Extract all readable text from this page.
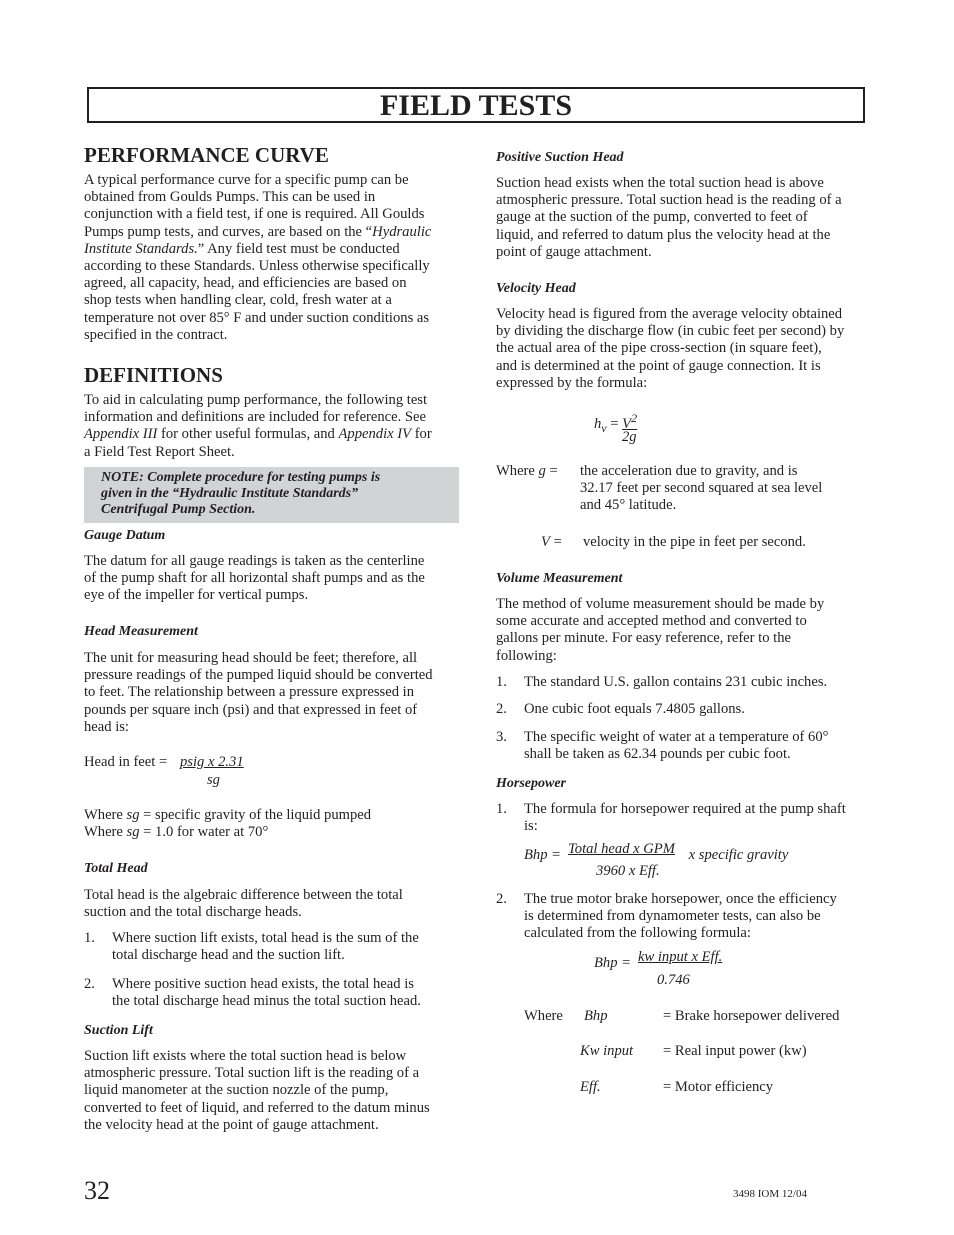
FIELD TESTS
PERFORMANCE CURVE
A typical performance curve for a specific pump can be
obtained from Goulds Pumps. This can be used in
conjunction with a field test, if one is required. All Goulds
Pumps pump tests, and curves, are based on the “Hydraulic
Institute Standards.” Any field test must be conducted
according to these Standards. Unless otherwise specifically
agreed, all capacity, head, and efficiencies are based on
shop tests when handling clear, cold, fresh water at a
temperature not over 85° F and under suction conditions as
specified in the contract.
DEFINITIONS
To aid in calculating pump performance, the following test
information and definitions are included for reference. See
Appendix III for other useful formulas, and Appendix IV for
a Field Test Report Sheet.
NOTE: Complete procedure for testing pumps is
given in the “Hydraulic Institute Standards”
Centrifugal Pump Section.
Gauge Datum
The datum for all gauge readings is taken as the centerline
of the pump shaft for all horizontal shaft pumps and as the
eye of the impeller for vertical pumps.
Head Measurement
The unit for measuring head should be feet; therefore, all
pressure readings of the pumped liquid should be converted
to feet. The relationship between a pressure expressed in
pounds per square inch (psi) and that expressed in feet of
head is:
Head in feet = psig x 2.31
sg
Where sg = specific gravity of the liquid pumped
Where sg = 1.0 for water at 70°
Total Head
Total head is the algebraic difference between the total
suction and the total discharge heads.
1. Where suction lift exists, total head is the sum of the
total discharge head and the suction lift.
2. Where positive suction head exists, the total head is
the total discharge head minus the total suction head.
Suction Lift
Suction lift exists where the total suction head is below
atmospheric pressure. Total suction lift is the reading of a
liquid manometer at the suction nozzle of the pump,
converted to feet of liquid, and referred to the datum minus
the velocity head at the point of gauge attachment.
Positive Suction Head
Suction head exists when the total suction head is above
atmospheric pressure. Total suction head is the reading of a
gauge at the suction of the pump, converted to feet of
liquid, and referred to datum plus the velocity head at the
point of gauge attachment.
Velocity Head
Velocity head is figured from the average velocity obtained
by dividing the discharge flow (in cubic feet per second) by
the actual area of the pipe cross-section (in square feet),
and is determined at the point of gauge connection. It is
expressed by the formula:
$h_v = V^2$
2g
Where g = the acceleration due to gravity, and is
32.17 feet per second squared at sea level
and 45° latitude.
V = velocity in the pipe in feet per second.
Volume Measurement
The method of volume measurement should be made by
some accurate and accepted method and converted to
gallons per minute. For easy reference, refer to the
following:
1. The standard U.S. gallon contains 231 cubic inches.
2. One cubic foot equals 7.4805 gallons.
3. The specific weight of water at a temperature of 60°
shall be taken as 62.34 pounds per cubic foot.
Horsepower
1. The formula for horsepower required at the pump shaft
is:
Bhp = Total head x GPM x specific gravity
3960 x Eff.
2. The true motor brake horsepower, once the efficiency
is determined from dynamometer tests, can also be
calculated from the following formula:
Bhp = kw input x Eff.
0.746
Where Bhp	= Brake horsepower delivered
Kw input = Real input power (kw)
Eff.	= Motor efficiency
32	3498 IOM 12/04
